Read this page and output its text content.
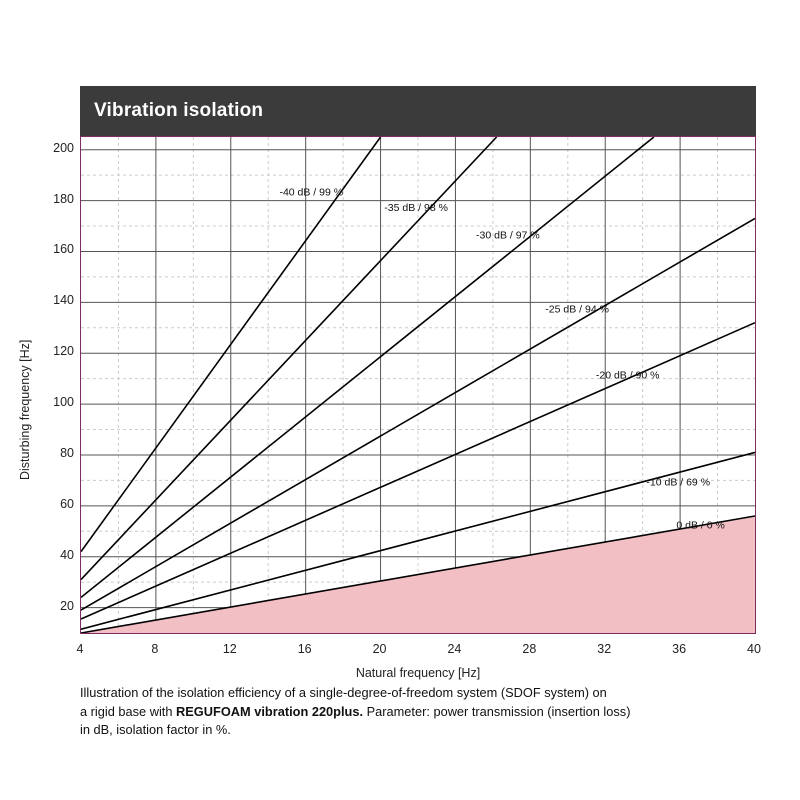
Vibration isolation
Disturbing frequency [Hz]
20
40
60
80
100
120
140
160
180
200
-40 dB / 99 %
-35 dB / 98 %
-30 dB / 97 %
-25 dB / 94 %
-20 dB / 90 %
-10 dB / 69 %
0 dB / 0 %
4	8	12	16	20	24	28	32	36	40
Natural frequency [Hz]
Illustration of the isolation efficiency of a single-degree-of-freedom system (SDOF system) on
a rigid base with REGUFOAM vibration 220plus. Parameter: power transmission (insertion loss)
in dB, isolation factor in %.
